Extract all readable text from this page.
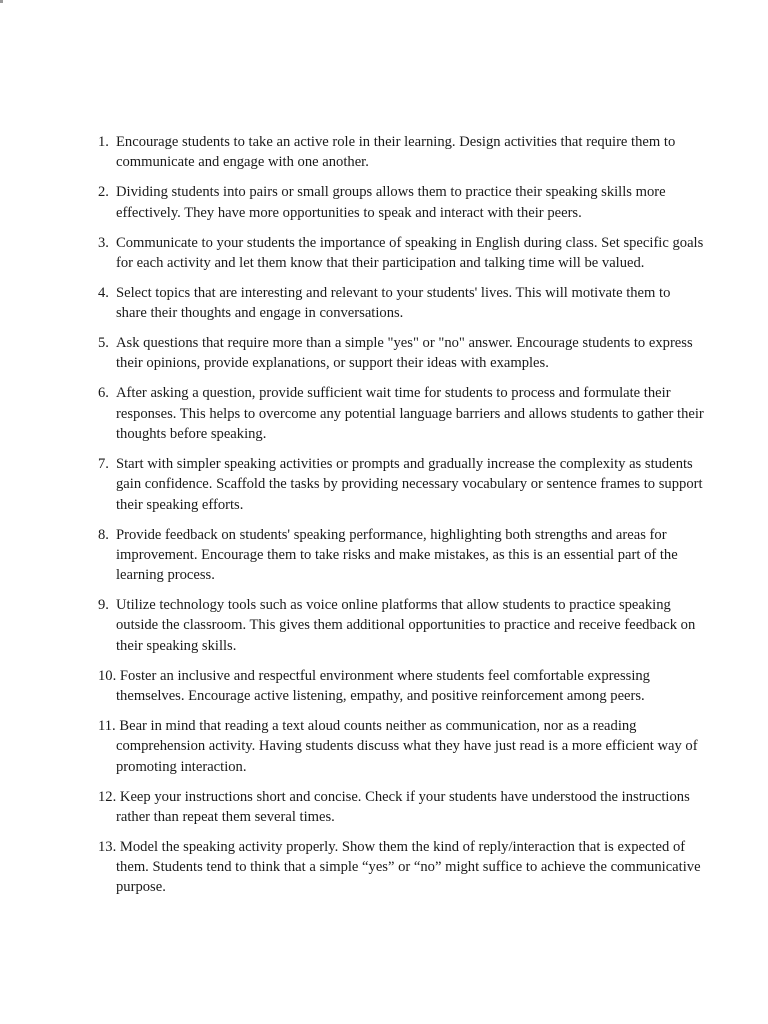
1. Encourage students to take an active role in their learning. Design activities that require them to communicate and engage with one another.
2. Dividing students into pairs or small groups allows them to practice their speaking skills more effectively. They have more opportunities to speak and interact with their peers.
3. Communicate to your students the importance of speaking in English during class. Set specific goals for each activity and let them know that their participation and talking time will be valued.
4. Select topics that are interesting and relevant to your students' lives. This will motivate them to share their thoughts and engage in conversations.
5. Ask questions that require more than a simple "yes" or "no" answer. Encourage students to express their opinions, provide explanations, or support their ideas with examples.
6. After asking a question, provide sufficient wait time for students to process and formulate their responses. This helps to overcome any potential language barriers and allows students to gather their thoughts before speaking.
7. Start with simpler speaking activities or prompts and gradually increase the complexity as students gain confidence. Scaffold the tasks by providing necessary vocabulary or sentence frames to support their speaking efforts.
8. Provide feedback on students' speaking performance, highlighting both strengths and areas for improvement. Encourage them to take risks and make mistakes, as this is an essential part of the learning process.
9. Utilize technology tools such as voice online platforms that allow students to practice speaking outside the classroom. This gives them additional opportunities to practice and receive feedback on their speaking skills.
10. Foster an inclusive and respectful environment where students feel comfortable expressing themselves. Encourage active listening, empathy, and positive reinforcement among peers.
11. Bear in mind that reading a text aloud counts neither as communication, nor as a reading comprehension activity. Having students discuss what they have just read is a more efficient way of promoting interaction.
12. Keep your instructions short and concise. Check if your students have understood the instructions rather than repeat them several times.
13. Model the speaking activity properly. Show them the kind of reply/interaction that is expected of them. Students tend to think that a simple “yes” or “no” might suffice to achieve the communicative purpose.
